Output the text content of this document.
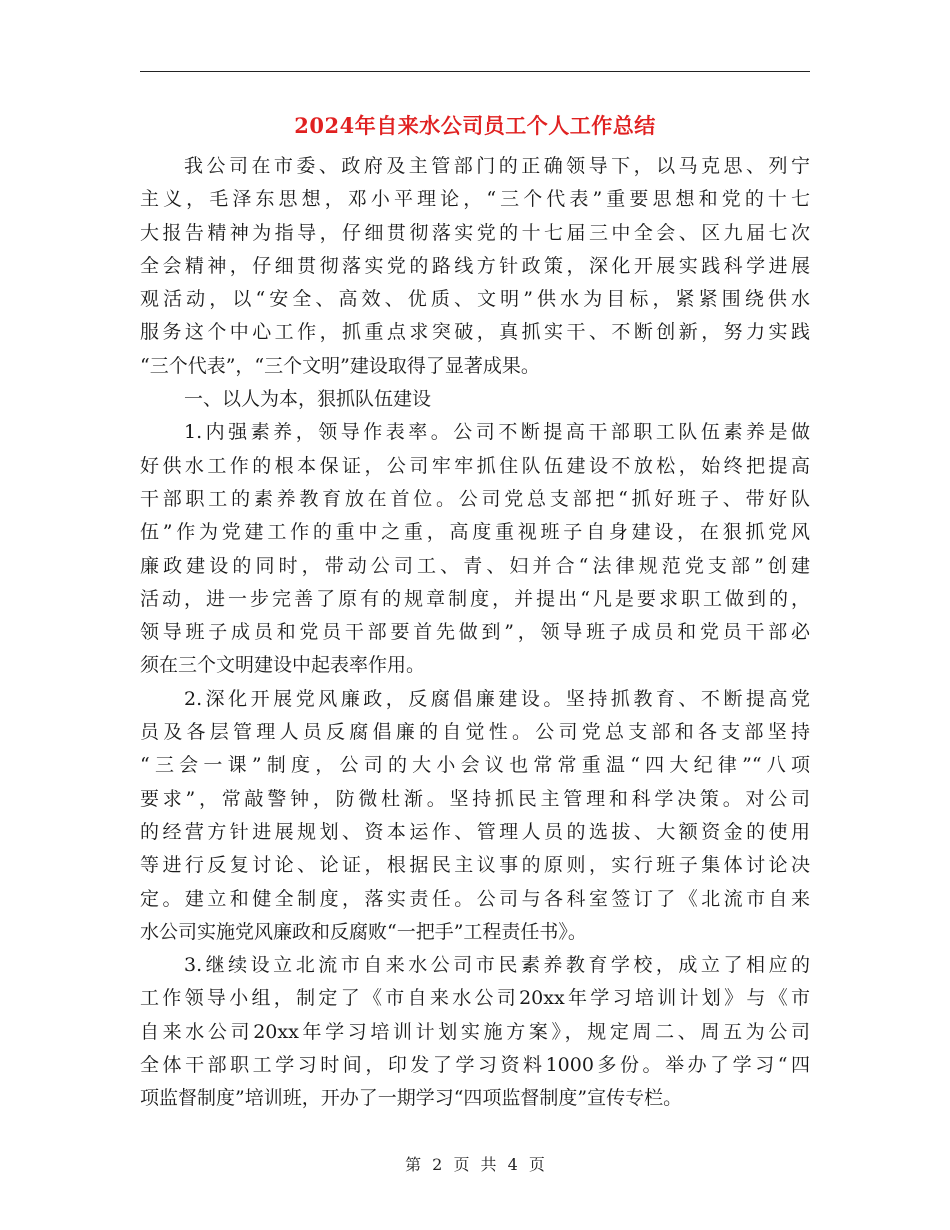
2024年自来水公司员工个人工作总结
我公司在市委、政府及主管部门的正确领导下，以马克思、列宁
主义，毛泽东思想，邓小平理论，“三个代表”重要思想和党的十七
大报告精神为指导，仔细贯彻落实党的十七届三中全会、区九届七次
全会精神，仔细贯彻落实党的路线方针政策，深化开展实践科学进展
观活动，以“安全、高效、优质、文明”供水为目标，紧紧围绕供水
服务这个中心工作，抓重点求突破，真抓实干、不断创新，努力实践
“三个代表”，“三个文明”建设取得了显著成果。
一、以人为本，狠抓队伍建设
1.内强素养，领导作表率。公司不断提高干部职工队伍素养是做
好供水工作的根本保证，公司牢牢抓住队伍建设不放松，始终把提高
干部职工的素养教育放在首位。公司党总支部把“抓好班子、带好队
伍”作为党建工作的重中之重，高度重视班子自身建设，在狠抓党风
廉政建设的同时，带动公司工、青、妇并合“法律规范党支部”创建
活动，进一步完善了原有的规章制度，并提出“凡是要求职工做到的，
领导班子成员和党员干部要首先做到”，领导班子成员和党员干部必
须在三个文明建设中起表率作用。
2.深化开展党风廉政，反腐倡廉建设。坚持抓教育、不断提高党
员及各层管理人员反腐倡廉的自觉性。公司党总支部和各支部坚持
“三会一课”制度，公司的大小会议也常常重温“四大纪律”“八项
要求”，常敲警钟，防微杜渐。坚持抓民主管理和科学决策。对公司
的经营方针进展规划、资本运作、管理人员的选拔、大额资金的使用
等进行反复讨论、论证，根据民主议事的原则，实行班子集体讨论决
定。建立和健全制度，落实责任。公司与各科室签订了《北流市自来
水公司实施党风廉政和反腐败“一把手”工程责任书》。
3.继续设立北流市自来水公司市民素养教育学校，成立了相应的
工作领导小组，制定了《市自来水公司20xx年学习培训计划》与《市
自来水公司20xx年学习培训计划实施方案》，规定周二、周五为公司
全体干部职工学习时间，印发了学习资料1000多份。举办了学习“四
项监督制度”培训班，开办了一期学习“四项监督制度”宣传专栏。
第 2 页 共 4 页
